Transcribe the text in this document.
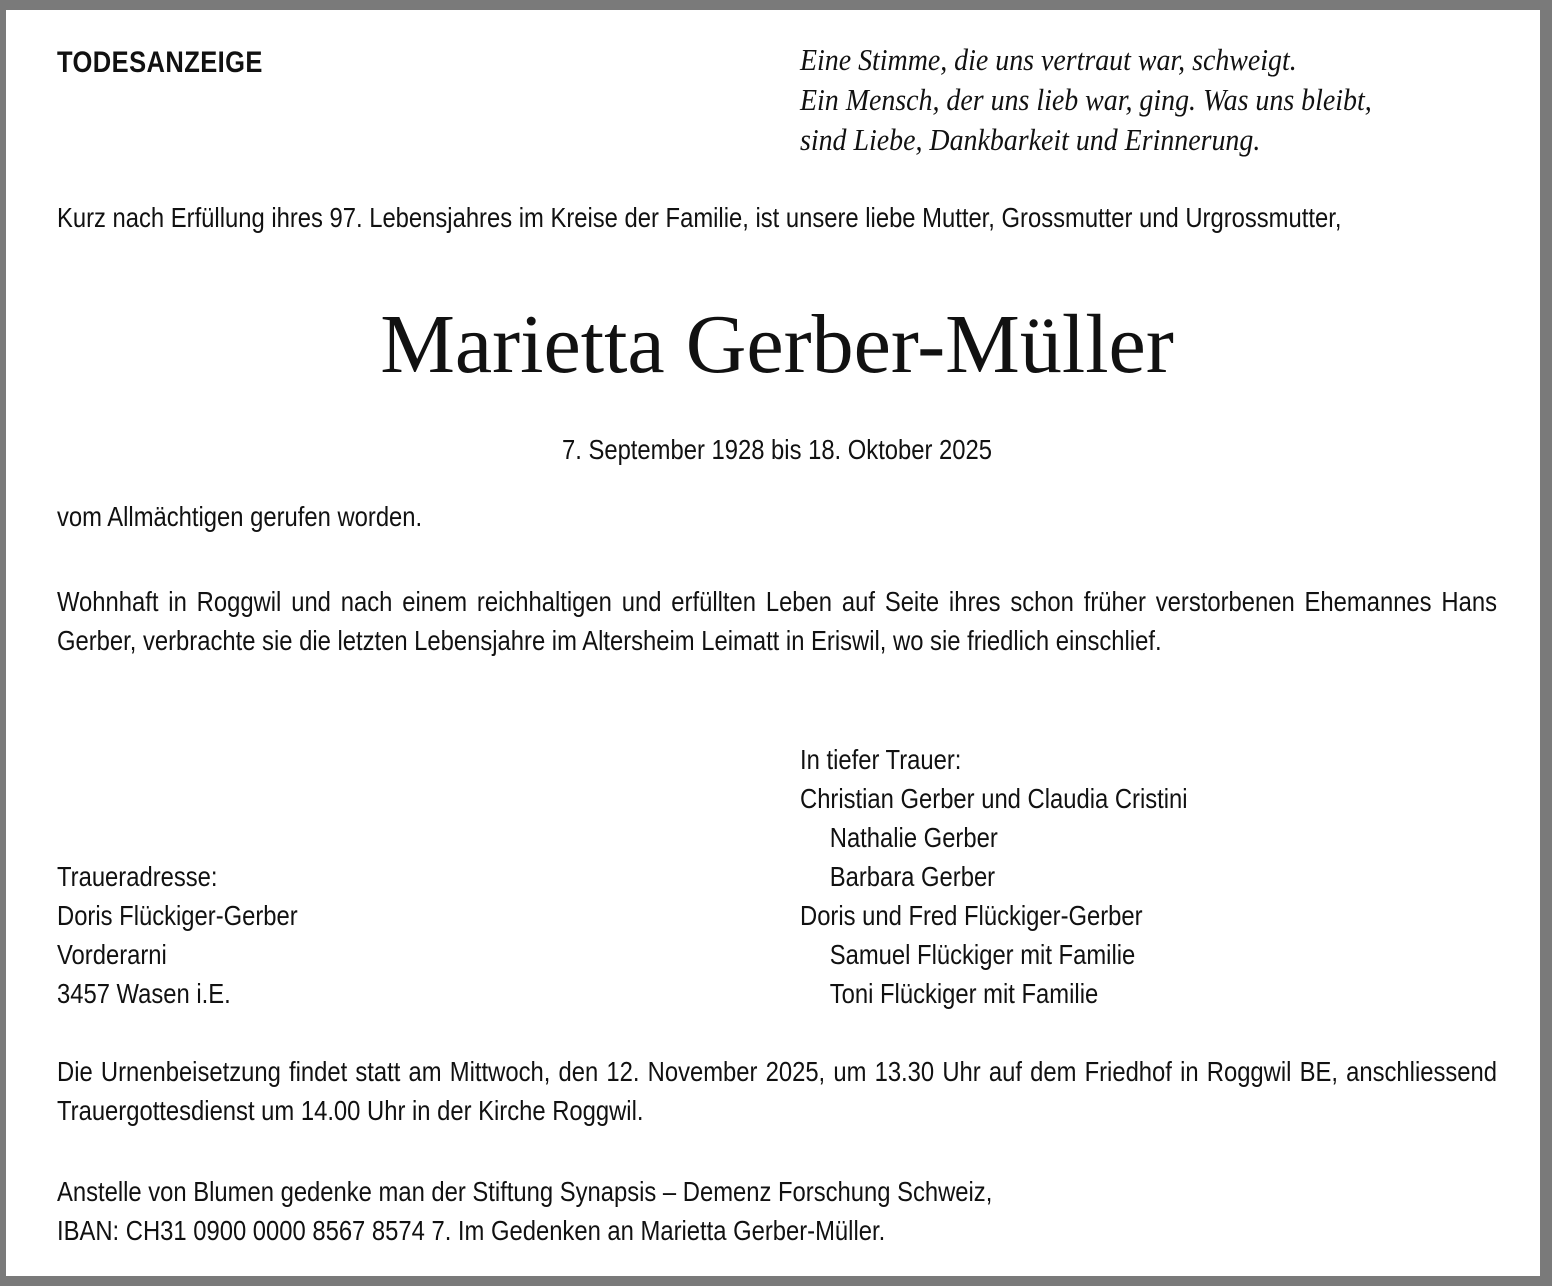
TODESANZEIGE	Eine Stimme, die uns vertraut war, schweigt.
Ein Mensch, der uns lieb war, ging. Was uns bleibt,
sind Liebe, Dankbarkeit und Erinnerung.
Kurz nach Erfüllung ihres 97. Lebensjahres im Kreise der Familie, ist unsere liebe Mutter, Grossmutter und Urgrossmutter,
Marietta Gerber-Müller
7. September 1928 bis 18. Oktober 2025
vom Allmächtigen gerufen worden.
Wohnhaft in Roggwil und nach einem reichhaltigen und erfüllten Leben auf Seite ihres schon früher verstorbenen Ehemannes Hans Gerber, verbrachte sie die letzten Lebensjahre im Altersheim Leimatt in Eriswil, wo sie friedlich einschlief.
In tiefer Trauer:
Christian Gerber und Claudia Cristini
Nathalie Gerber
Barbara Gerber
Doris und Fred Flückiger-Gerber
Samuel Flückiger mit Familie
Toni Flückiger mit Familie
Traueradresse:
Doris Flückiger-Gerber
Vorderarni
3457 Wasen i.E.
Die Urnenbeisetzung findet statt am Mittwoch, den 12. November 2025, um 13.30 Uhr auf dem Friedhof in Roggwil BE, anschliessend Trauergottesdienst um 14.00 Uhr in der Kirche Roggwil.
Anstelle von Blumen gedenke man der Stiftung Synapsis – Demenz Forschung Schweiz,
IBAN: CH31 0900 0000 8567 8574 7. Im Gedenken an Marietta Gerber-Müller.
